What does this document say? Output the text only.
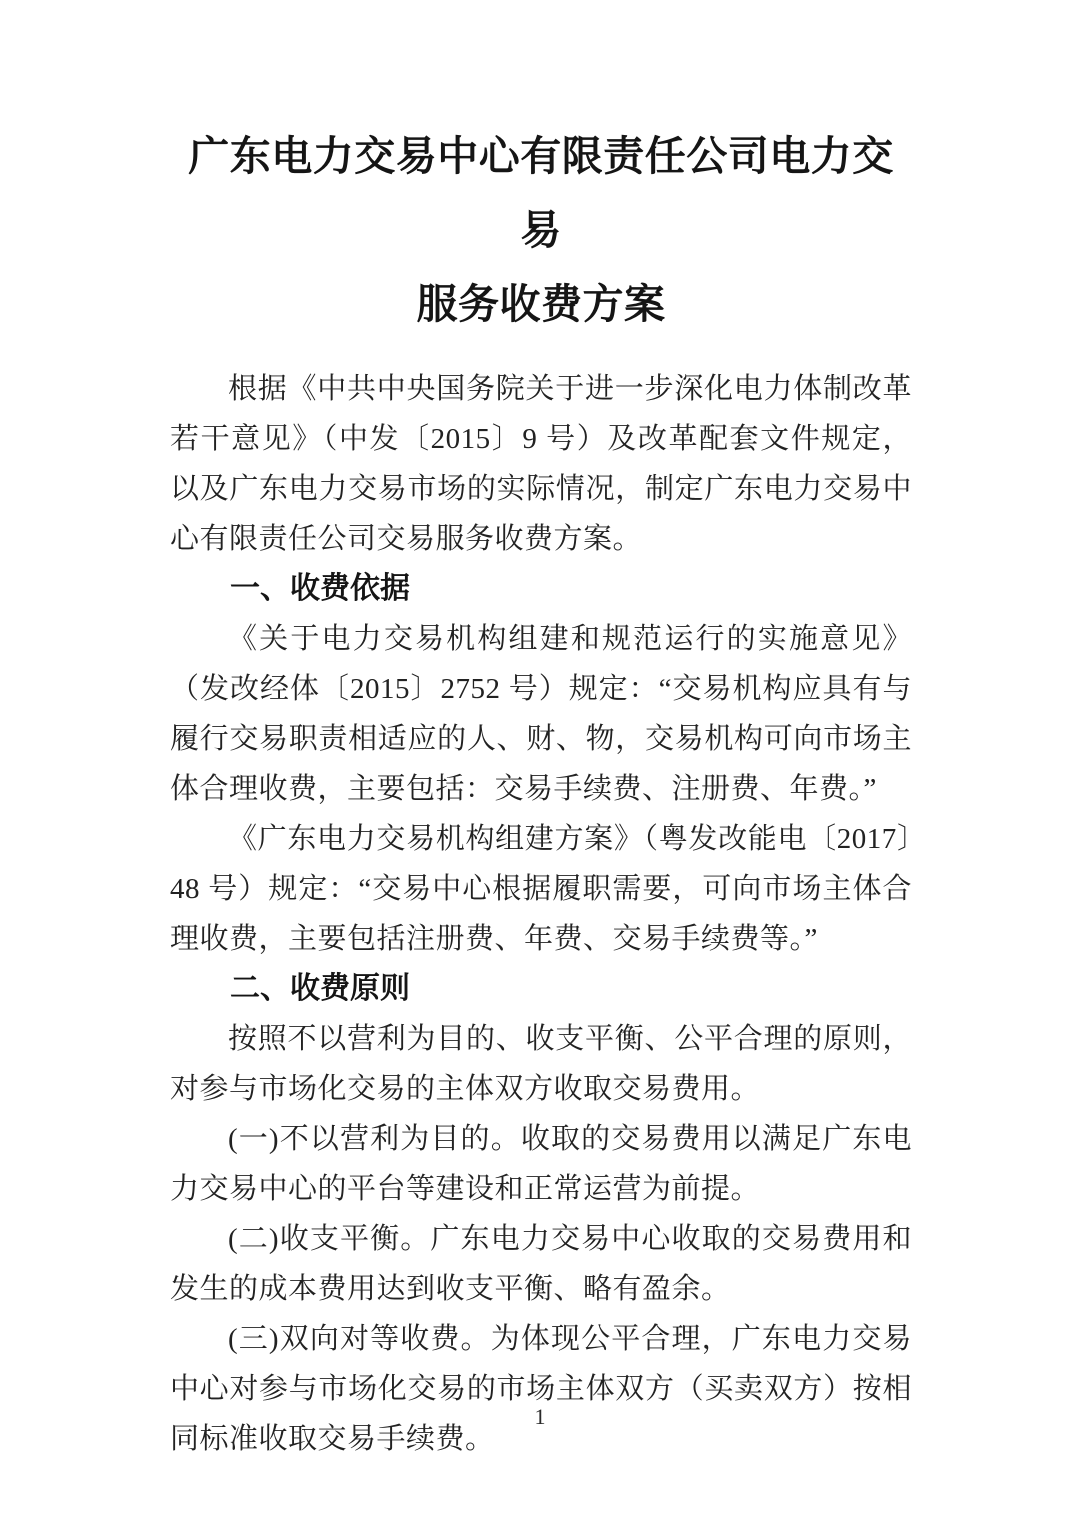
广东电力交易中心有限责任公司电力交易
服务收费方案

根据《中共中央国务院关于进一步深化电力体制改革若干意见》（中发〔2015〕9 号）及改革配套文件规定，以及广东电力交易市场的实际情况，制定广东电力交易中心有限责任公司交易服务收费方案。

一、收费依据

《关于电力交易机构组建和规范运行的实施意见》（发改经体〔2015〕2752 号）规定：“交易机构应具有与履行交易职责相适应的人、财、物，交易机构可向市场主体合理收费，主要包括：交易手续费、注册费、年费。”

《广东电力交易机构组建方案》（粤发改能电〔2017〕48 号）规定：“交易中心根据履职需要，可向市场主体合理收费，主要包括注册费、年费、交易手续费等。”

二、收费原则

按照不以营利为目的、收支平衡、公平合理的原则，对参与市场化交易的主体双方收取交易费用。

(一)不以营利为目的。收取的交易费用以满足广东电力交易中心的平台等建设和正常运营为前提。

(二)收支平衡。广东电力交易中心收取的交易费用和发生的成本费用达到收支平衡、略有盈余。

(三)双向对等收费。为体现公平合理，广东电力交易中心对参与市场化交易的市场主体双方（买卖双方）按相同标准收取交易手续费。

1
